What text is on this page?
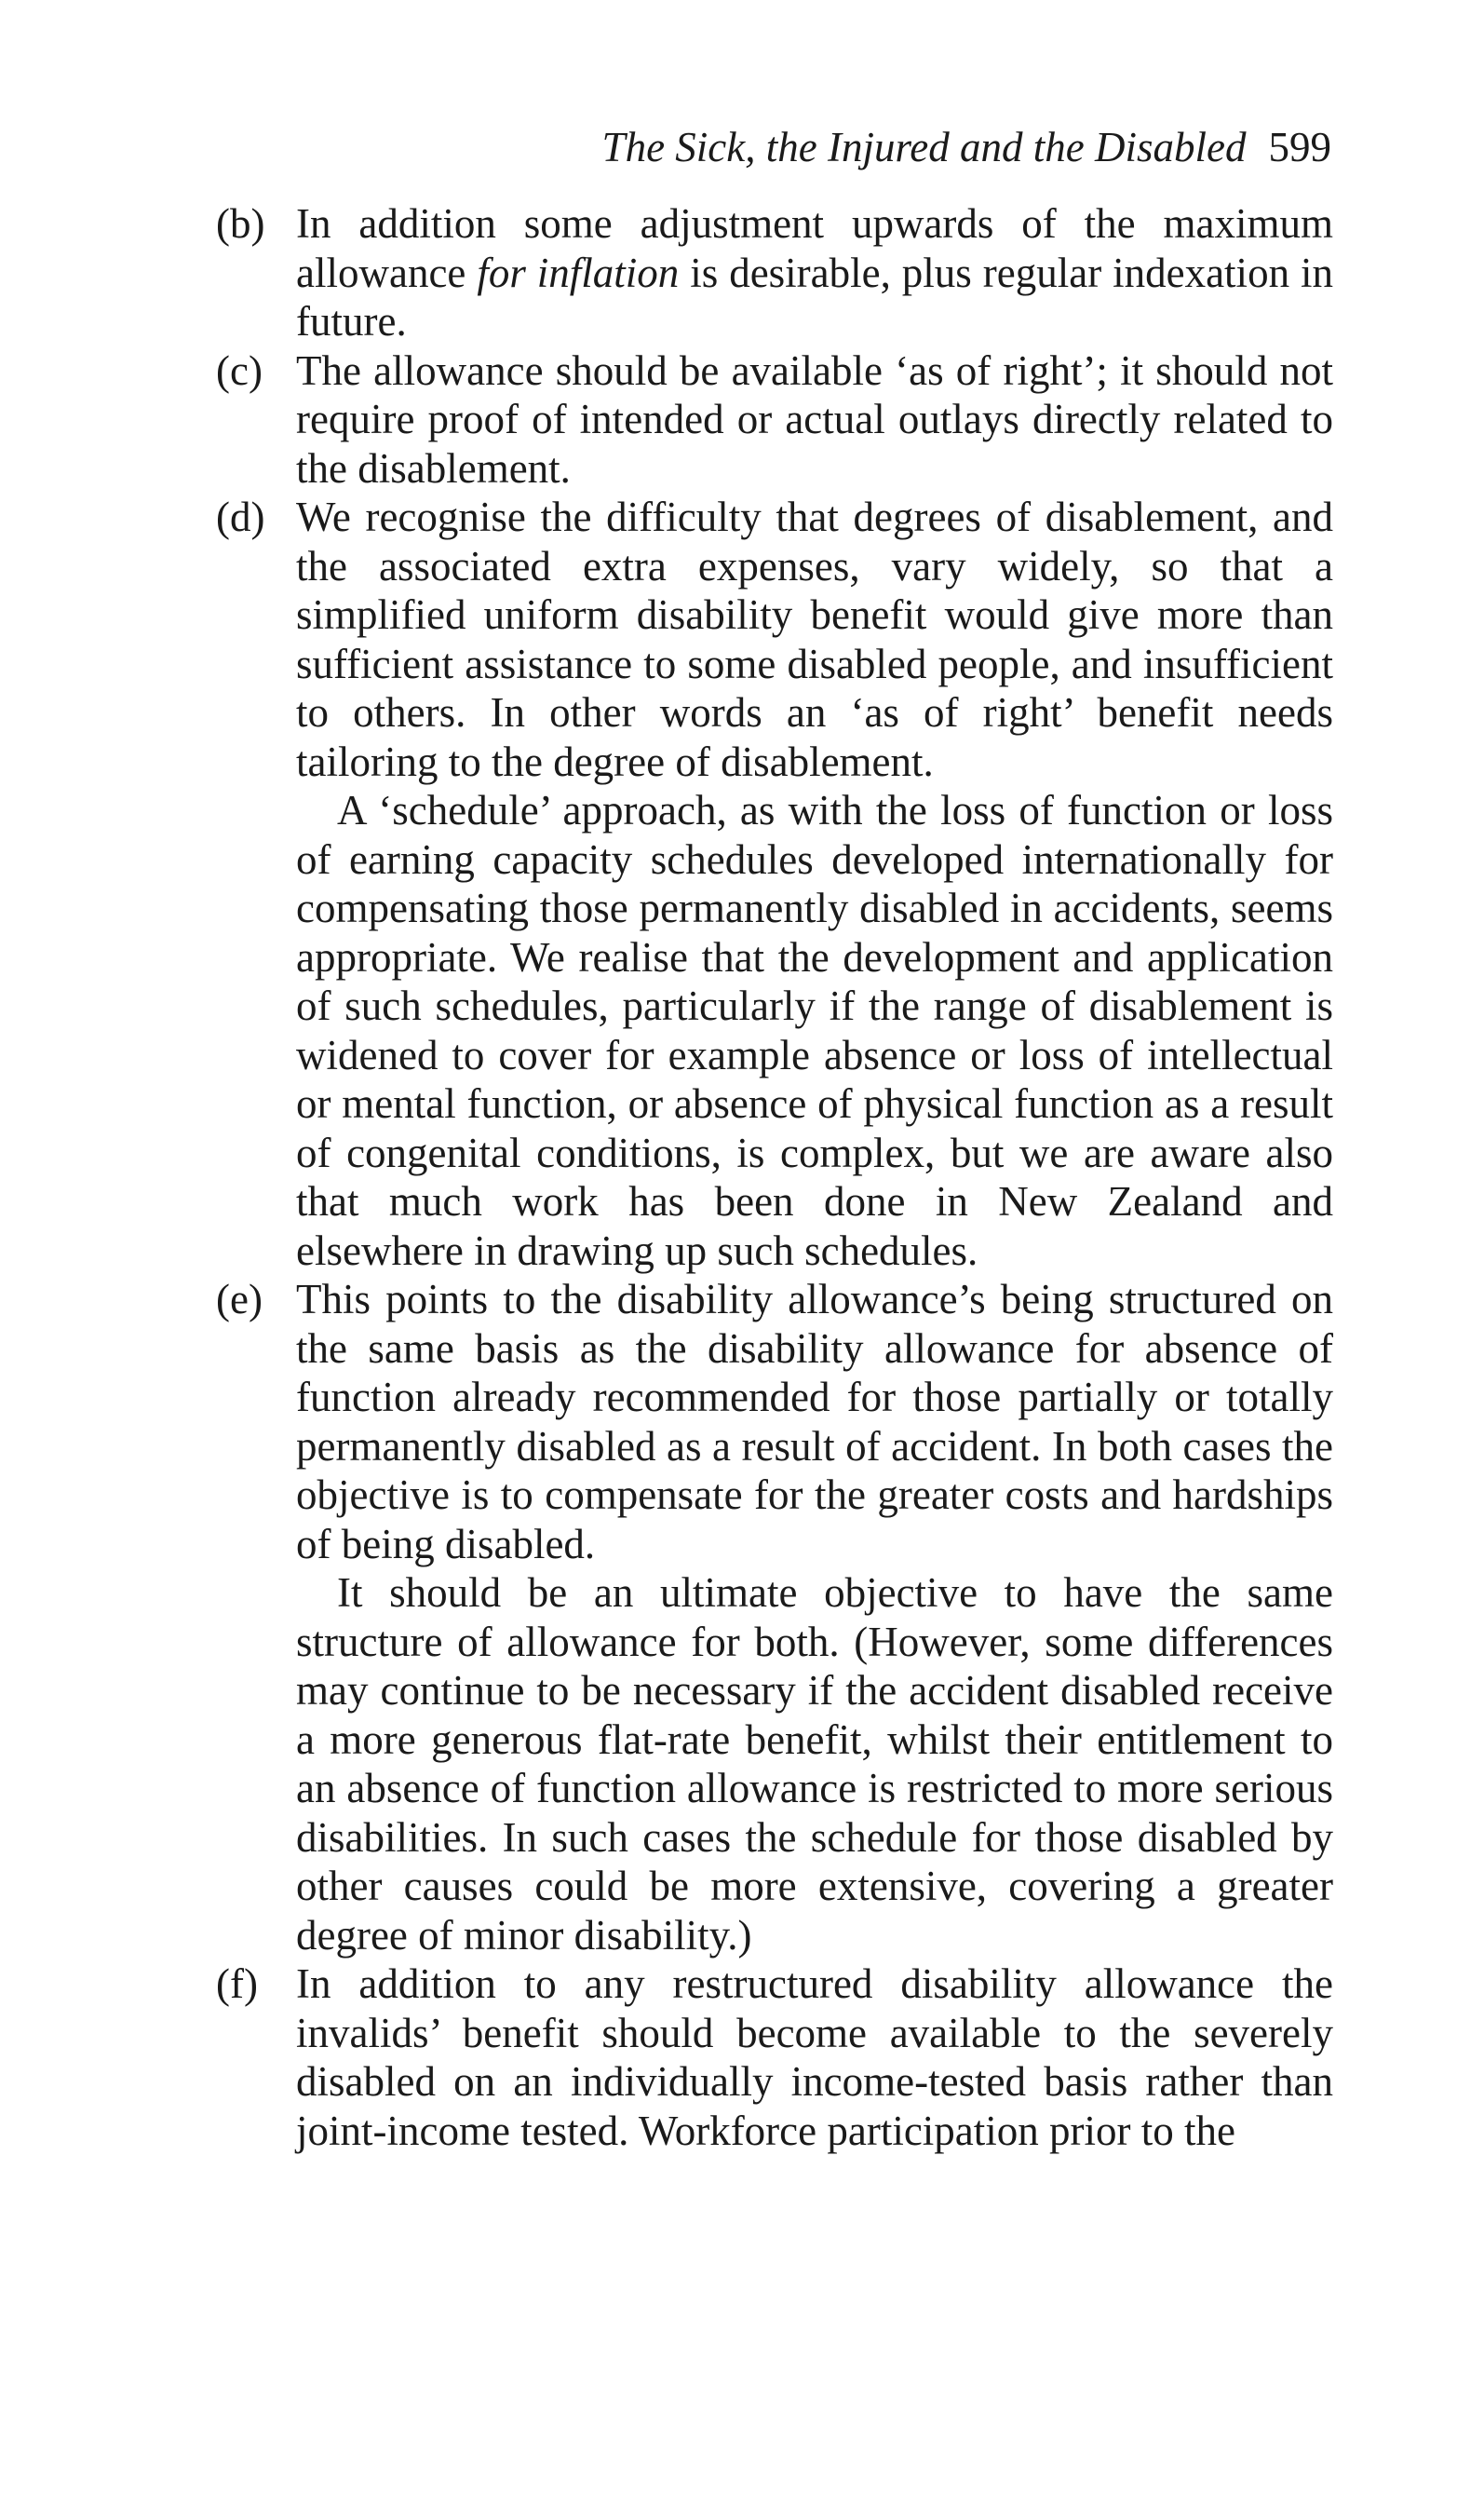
The Sick, the Injured and the Disabled 599
(b) In addition some adjustment upwards of the maximum allowance for inflation is desirable, plus regular indexation in future.

(c) The allowance should be available ‘as of right’; it should not require proof of intended or actual outlays directly related to the disablement.

(d) We recognise the difficulty that degrees of disablement, and the associated extra expenses, vary widely, so that a simplified uniform disability benefit would give more than sufficient assistance to some disabled people, and insufficient to others. In other words an ‘as of right’ benefit needs tailoring to the degree of disablement.

A ‘schedule’ approach, as with the loss of function or loss of earning capacity schedules developed internationally for compensating those permanently disabled in accidents, seems appropriate. We realise that the development and application of such schedules, particularly if the range of disablement is widened to cover for example absence or loss of intellectual or mental function, or absence of physical function as a result of congenital conditions, is complex, but we are aware also that much work has been done in New Zealand and elsewhere in drawing up such schedules.

(e) This points to the disability allowance’s being structured on the same basis as the disability allowance for absence of function already recommended for those partially or totally permanently disabled as a result of accident. In both cases the objective is to compensate for the greater costs and hardships of being disabled.

It should be an ultimate objective to have the same structure of allowance for both. (However, some differences may continue to be necessary if the accident disabled receive a more generous flat-rate benefit, whilst their entitlement to an absence of function allowance is restricted to more serious disabilities. In such cases the schedule for those disabled by other causes could be more extensive, covering a greater degree of minor disability.)

(f) In addition to any restructured disability allowance the invalids’ benefit should become available to the severely disabled on an individually income-tested basis rather than joint-income tested. Workforce participation prior to the
